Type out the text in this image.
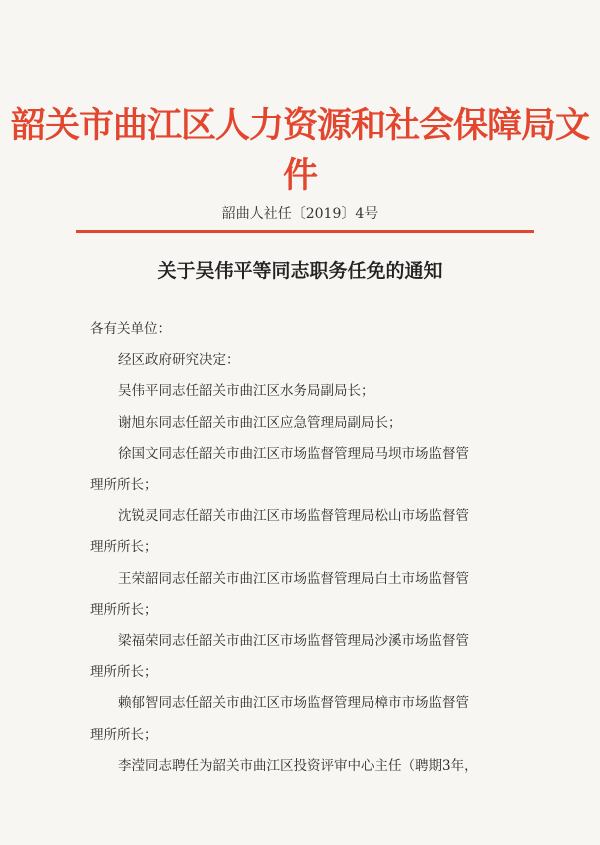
韶关市曲江区人力资源和社会保障局文件
韶曲人社任〔2019〕4号
关于吴伟平等同志职务任免的通知
各有关单位：
经区政府研究决定：
吴伟平同志任韶关市曲江区水务局副局长；
谢旭东同志任韶关市曲江区应急管理局副局长；
徐国文同志任韶关市曲江区市场监督管理局马坝市场监督管
理所所长；
沈锐灵同志任韶关市曲江区市场监督管理局松山市场监督管
理所所长；
王荣韶同志任韶关市曲江区市场监督管理局白土市场监督管
理所所长；
梁福荣同志任韶关市曲江区市场监督管理局沙溪市场监督管
理所所长；
赖郁智同志任韶关市曲江区市场监督管理局樟市市场监督管
理所所长；
李滢同志聘任为韶关市曲江区投资评审中心主任（聘期3年，
